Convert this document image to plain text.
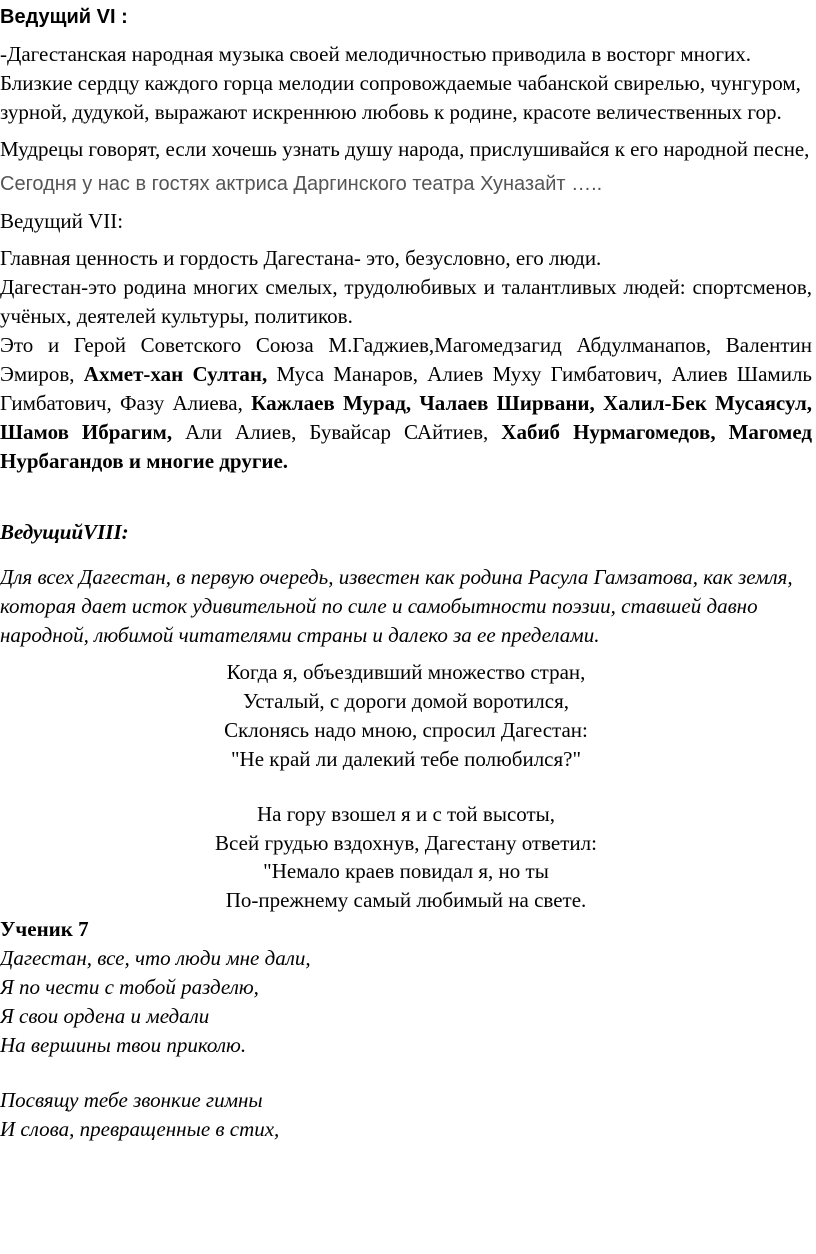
Ведущий VI :

-Дагестанская народная музыка своей мелодичностью приводила в восторг многих. Близкие сердцу каждого горца мелодии сопровождаемые чабанской свирелью, чунгуром, зурной, дудукой, выражают искреннюю любовь к родине, красоте величественных гор.

Мудрецы говорят, если хочешь узнать душу народа, прислушивайся к его народной песне,

Сегодня у нас в гостях актриса Даргинского театра Хуназайт …..

Ведущий VII:

Главная ценность и гордость Дагестана- это, безусловно, его люди.

Дагестан-это родина многих смелых, трудолюбивых и талантливых людей: спортсменов, учёных, деятелей культуры, политиков.

Это и Герой Советского Союза М.Гаджиев,Магомедзагид Абдулманапов, Валентин Эмиров, Ахмет-хан Султан, Муса Манаров, Алиев Муху Гимбатович, Алиев Шамиль Гимбатович, Фазу Алиева, Кажлаев Мурад, Чалаев Ширвани, Халил-Бек Мусаясул, Шамов Ибрагим, Али Алиев, Бувайсар САйтиев, Хабиб Нурмагомедов, Магомед Нурбагандов и многие другие.

ВедущийVIII:

Для всех Дагестан, в первую очередь, известен как родина Расула Гамзатова, как земля, которая дает исток удивительной по силе и самобытности поэзии, ставшей давно народной, любимой читателями страны и далеко за ее пределами.

Когда я, объездивший множество стран,
Усталый, с дороги домой воротился,
Склонясь надо мною, спросил Дагестан:
"Не край ли далекий тебе полюбился?"
На гору взошел я и с той высоты,
Всей грудью вздохнув, Дагестану ответил:
"Немало краев повидал я, но ты
По-прежнему самый любимый на свете.

Ученик 7

Дагестан, все, что люди мне дали,
Я по чести с тобой разделю,
Я свои ордена и медали
На вершины твои приколю.
Посвящу тебе звонкие гимны
И слова, превращенные в стих,
